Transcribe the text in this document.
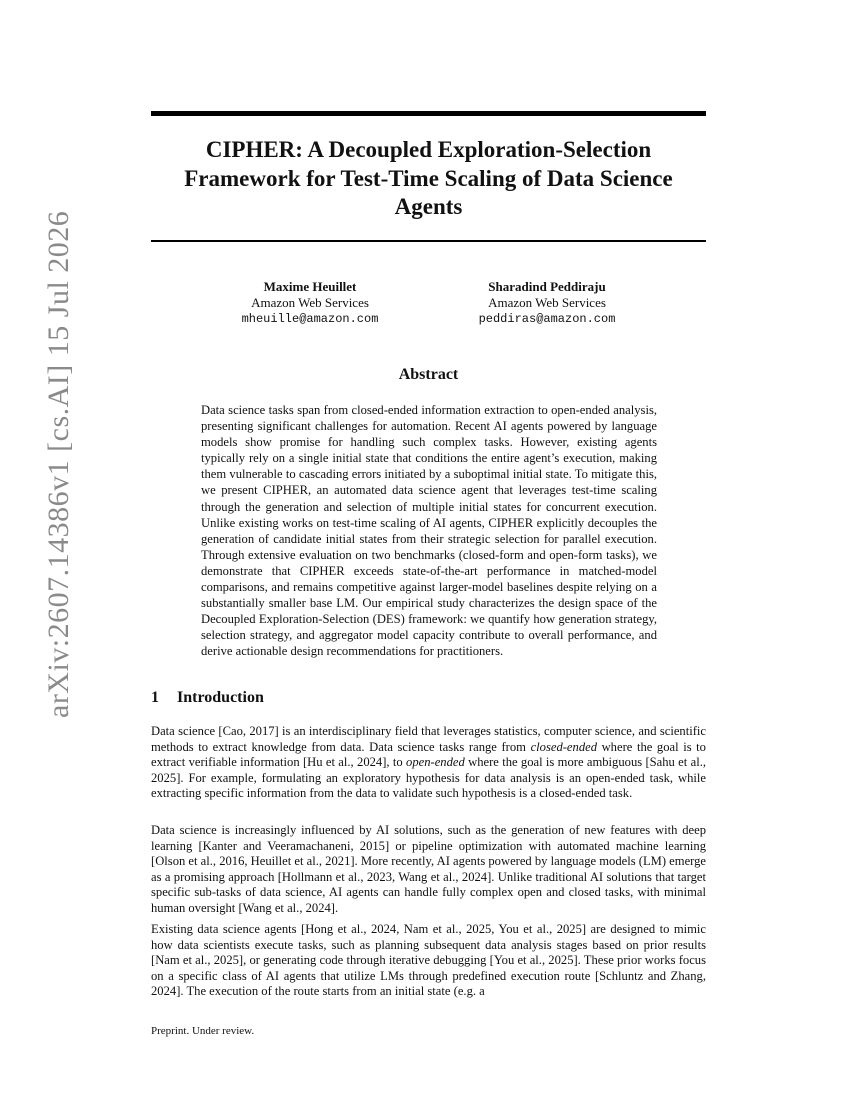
arXiv:2607.14386v1 [cs.AI] 15 Jul 2026
CIPHER: A Decoupled Exploration-Selection
Framework for Test-Time Scaling of Data Science
Agents
Maxime Heuillet
Amazon Web Services
mheuille@amazon.com
Sharadind Peddiraju
Amazon Web Services
peddiras@amazon.com
Abstract
Data science tasks span from closed-ended information extraction to open-ended analysis, presenting significant challenges for automation. Recent AI agents powered by language models show promise for handling such complex tasks. However, existing agents typically rely on a single initial state that conditions the entire agent’s execution, making them vulnerable to cascading errors initiated by a suboptimal initial state. To mitigate this, we present CIPHER, an automated data science agent that leverages test-time scaling through the generation and selection of multiple initial states for concurrent execution. Unlike existing works on test-time scaling of AI agents, CIPHER explicitly decouples the generation of candidate initial states from their strategic selection for parallel execution. Through extensive evaluation on two benchmarks (closed-form and open-form tasks), we demonstrate that CIPHER exceeds state-of-the-art performance in matched-model comparisons, and remains competitive against larger-model baselines despite relying on a substantially smaller base LM. Our empirical study characterizes the design space of the Decoupled Exploration-Selection (DES) framework: we quantify how generation strategy, selection strategy, and aggregator model capacity contribute to overall performance, and derive actionable design recommendations for practitioners.
1 Introduction

Data science [Cao, 2017] is an interdisciplinary field that leverages statistics, computer science, and scientific methods to extract knowledge from data. Data science tasks range from closed-ended where the goal is to extract verifiable information [Hu et al., 2024], to open-ended where the goal is more ambiguous [Sahu et al., 2025]. For example, formulating an exploratory hypothesis for data analysis is an open-ended task, while extracting specific information from the data to validate such hypothesis is a closed-ended task.

Data science is increasingly influenced by AI solutions, such as the generation of new features with deep learning [Kanter and Veeramachaneni, 2015] or pipeline optimization with automated machine learning [Olson et al., 2016, Heuillet et al., 2021]. More recently, AI agents powered by language models (LM) emerge as a promising approach [Hollmann et al., 2023, Wang et al., 2024]. Unlike traditional AI solutions that target specific sub-tasks of data science, AI agents can handle fully complex open and closed tasks, with minimal human oversight [Wang et al., 2024].

Existing data science agents [Hong et al., 2024, Nam et al., 2025, You et al., 2025] are designed to mimic how data scientists execute tasks, such as planning subsequent data analysis stages based on prior results [Nam et al., 2025], or generating code through iterative debugging [You et al., 2025]. These prior works focus on a specific class of AI agents that utilize LMs through predefined execution route [Schluntz and Zhang, 2024]. The execution of the route starts from an initial state (e.g. a

Preprint. Under review.
